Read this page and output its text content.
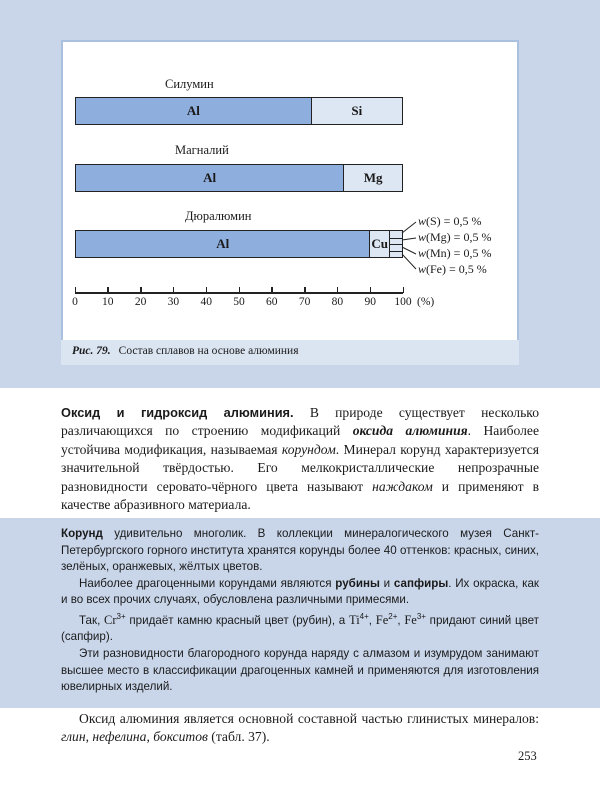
Силумин
Al	Si
Магналий
Al	Mg
Дюралюмин
Al	Cu
w(S) = 0,5 %
w(Mg) = 0,5 %
w(Mn) = 0,5 %
w(Fe) = 0,5 %
0 10 20 30 40 50 60 70 80 90 100 (%)
Рис. 79. Состав сплавов на основе алюминия
Оксид и гидроксид алюминия. В природе существует несколько различающихся по строению модификаций оксида алюминия. Наиболее устойчива модификация, называемая корундом. Минерал корунд характеризуется значительной твёрдостью. Его мелкокристаллические непрозрачные разновидности серовато-чёрного цвета называют наждаком и применяют в качестве абразивного материала.

Корунд удивительно многолик. В коллекции минералогического музея Санкт-Петербургского горного института хранятся корунды более 40 оттенков: красных, синих, зелёных, оранжевых, жёлтых цветов.

Наиболее драгоценными корундами являются рубины и сапфиры. Их окраска, как и во всех прочих случаях, обусловлена различными примесями.

Так, $Cr^{3+}$ придаёт камню красный цвет (рубин), а $Ti^{4+}$, $Fe^{2+}$, $Fe^{3+}$ придают синий цвет (сапфир).

Эти разновидности благородного корунда наряду с алмазом и изумрудом занимают высшее место в классификации драгоценных камней и применяются для изготовления ювелирных изделий.

Оксид алюминия является основной составной частью глинистых минералов: глин, нефелина, бокситов (табл. 37).
253
